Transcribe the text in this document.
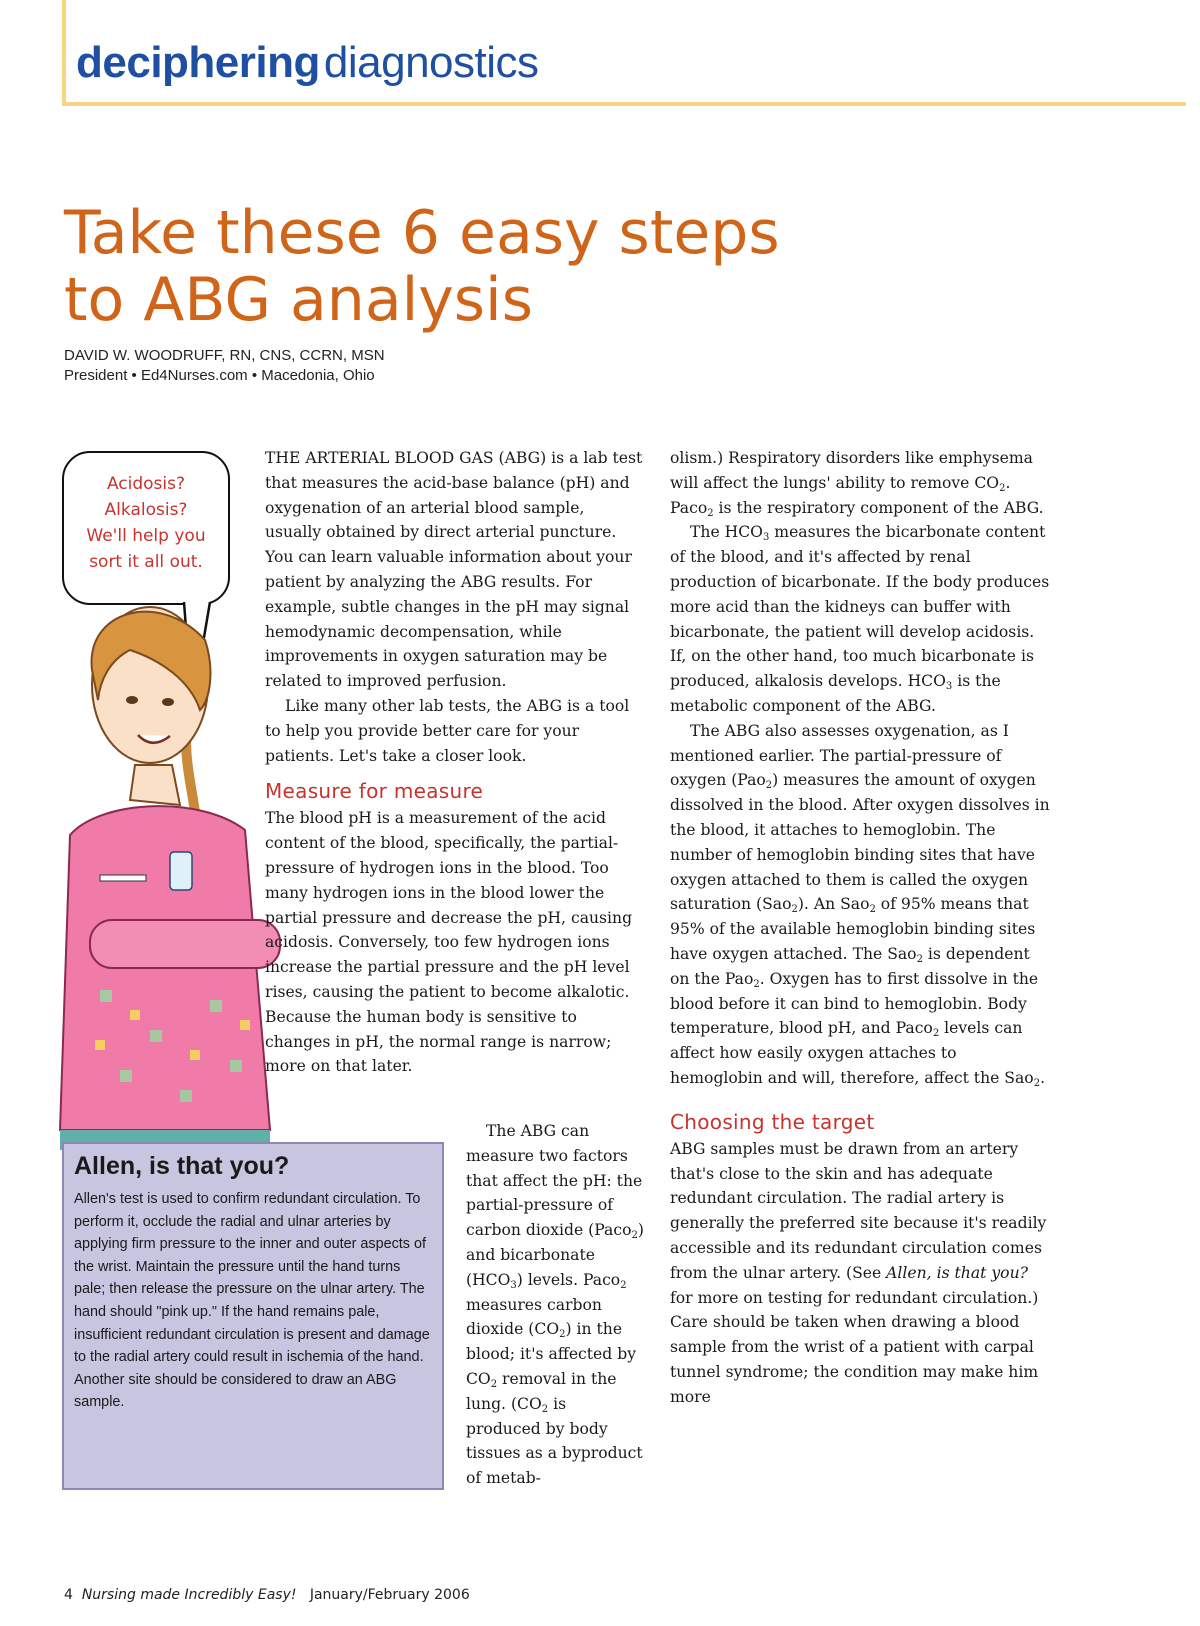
decipheringdiagnostics
Take these 6 easy steps
to ABG analysis
DAVID W. WOODRUFF, RN, CNS, CCRN, MSN
President • Ed4Nurses.com • Macedonia, Ohio
Acidosis?
Alkalosis?
We'll help you
sort it all out.

THE ARTERIAL BLOOD GAS (ABG) is a lab test that measures the acid-base balance (pH) and oxygenation of an arterial blood sample, usually obtained by direct arterial puncture. You can learn valuable information about your patient by analyzing the ABG results. For example, subtle changes in the pH may signal hemodynamic decompensation, while improvements in oxygen saturation may be related to improved perfusion.

Like many other lab tests, the ABG is a tool to help you provide better care for your patients. Let's take a closer look.

Measure for measure

The blood pH is a measurement of the acid content of the blood, specifically, the partial-pressure of hydrogen ions in the blood. Too many hydrogen ions in the blood lower the partial pressure and decrease the pH, causing acidosis. Conversely, too few hydrogen ions increase the partial pressure and the pH level rises, causing the patient to become alkalotic. Because the human body is sensitive to changes in pH, the normal range is narrow; more on that later.

The ABG can measure two factors that affect the pH: the partial-pressure of carbon dioxide (Paco$_2$) and bicarbonate $(HCO_3)$ levels. Paco$_2$ measures carbon dioxide $(CO_2)$ in the blood; it's affected by $CO_2$ removal in the lung. ($CO_2$ is produced by body tissues as a byproduct of metab-

olism.) Respiratory disorders like emphysema will affect the lungs' ability to remove $CO_2$. Paco$_2$ is the respiratory component of the ABG.

The $HCO_3$ measures the bicarbonate content of the blood, and it's affected by renal production of bicarbonate. If the body produces more acid than the kidneys can buffer with bicarbonate, the patient will develop acidosis. If, on the other hand, too much bicarbonate is produced, alkalosis develops. $HCO_3$ is the metabolic component of the ABG.

The ABG also assesses oxygenation, as I mentioned earlier. The partial-pressure of oxygen (Pao$_2$) measures the amount of oxygen dissolved in the blood. After oxygen dissolves in the blood, it attaches to hemoglobin. The number of hemoglobin binding sites that have oxygen attached to them is called the oxygen saturation (Sao$_2$). An Sao$_2$ of 95% means that 95% of the available hemoglobin binding sites have oxygen attached. The Sao$_2$ is dependent on the Pao$_2$. Oxygen has to first dissolve in the blood before it can bind to hemoglobin. Body temperature, blood pH, and Paco$_2$ levels can affect how easily oxygen attaches to hemoglobin and will, therefore, affect the Sao$_2$.

Choosing the target

ABG samples must be drawn from an artery that's close to the skin and has adequate redundant circulation. The radial artery is generally the preferred site because it's readily accessible and its redundant circulation comes from the ulnar artery. (See Allen, is that you? for more on testing for redundant circulation.) Care should be taken when drawing a blood sample from the wrist of a patient with carpal tunnel syndrome; the condition may make him more

Allen, is that you?

Allen's test is used to confirm redundant circulation. To perform it, occlude the radial and ulnar arteries by applying firm pressure to the inner and outer aspects of the wrist. Maintain the pressure until the hand turns pale; then release the pressure on the ulnar artery. The hand should "pink up." If the hand remains pale, insufficient redundant circulation is present and damage to the radial artery could result in ischemia of the hand. Another site should be considered to draw an ABG sample.

4 Nursing made Incredibly Easy! January/February 2006
